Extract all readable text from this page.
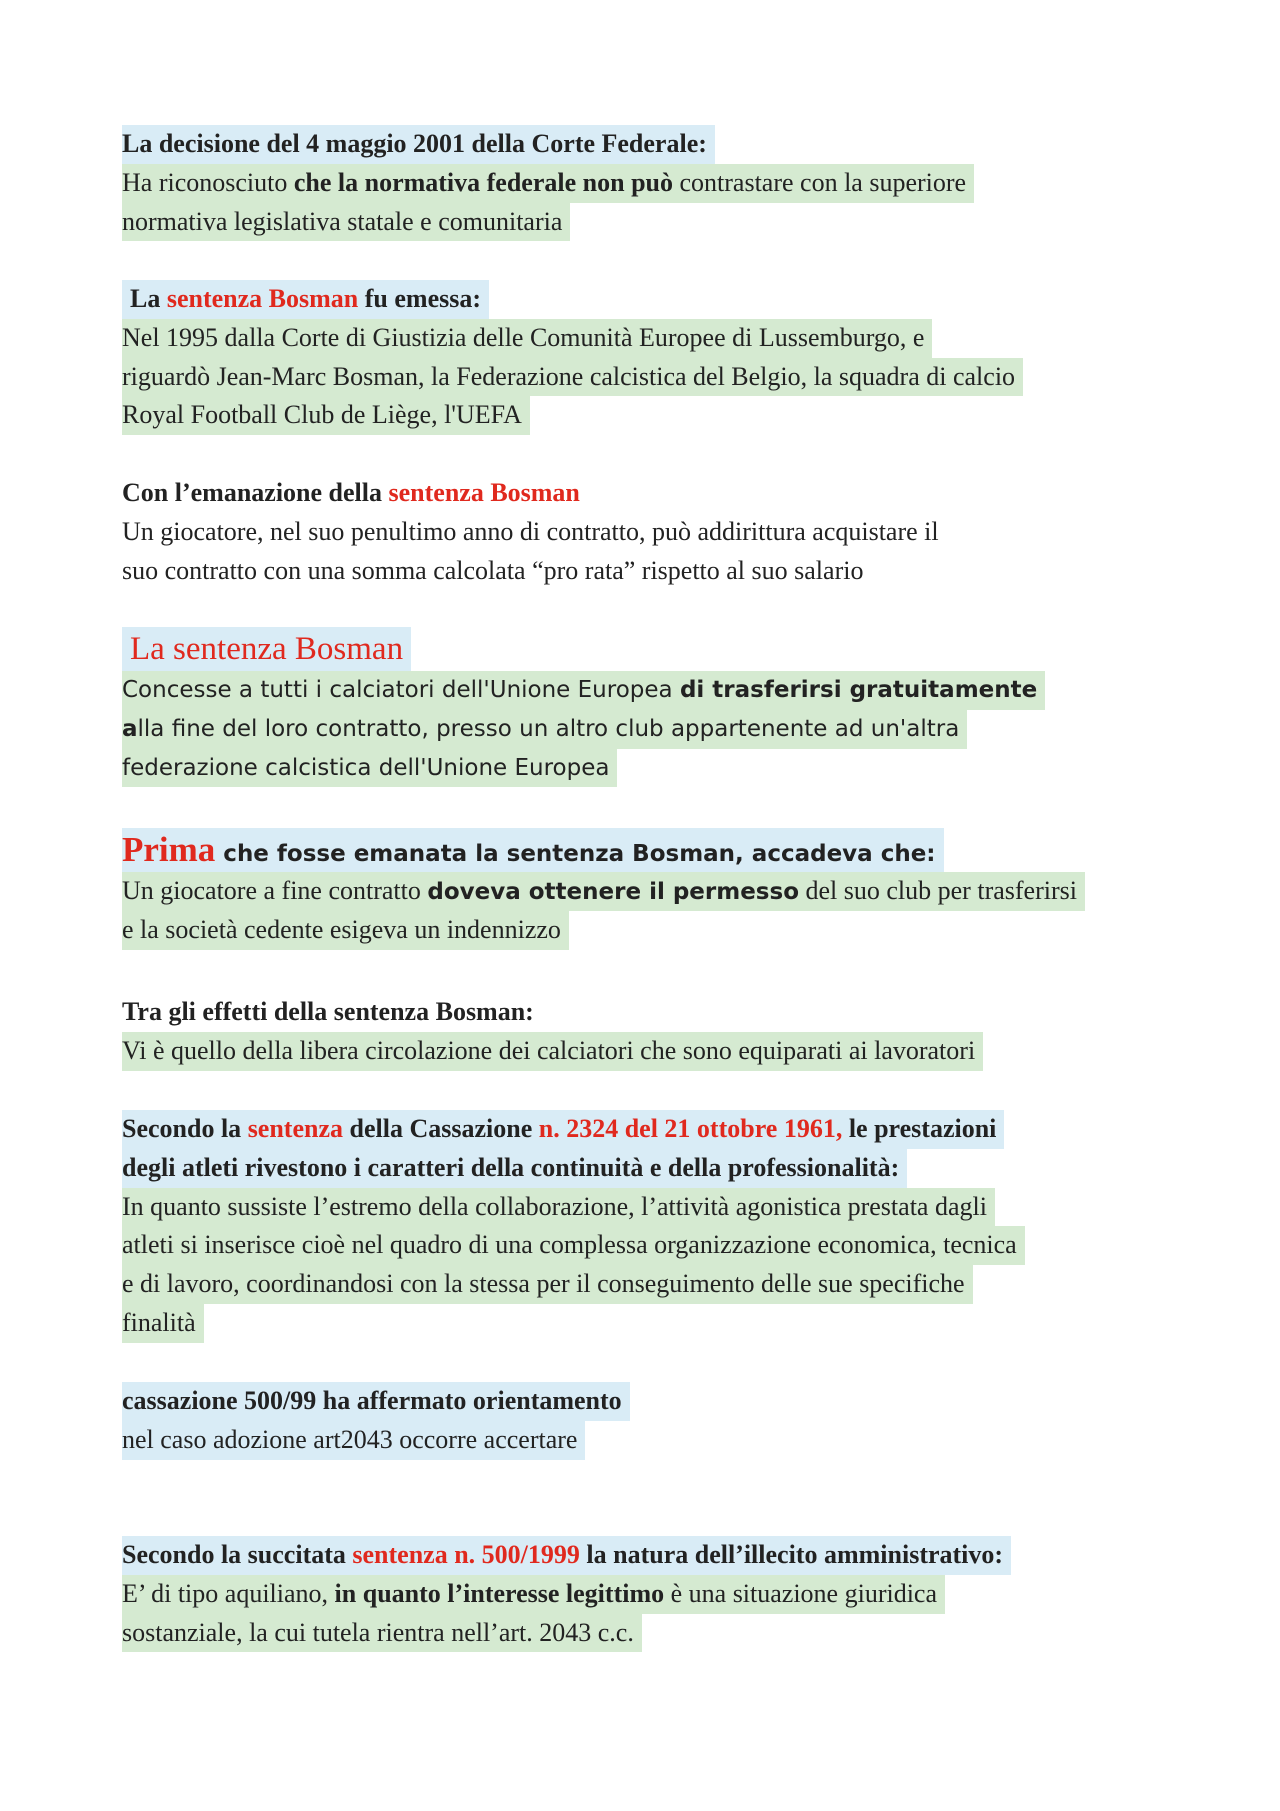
La decisione del 4 maggio 2001 della Corte Federale:
Ha riconosciuto che la normativa federale non può contrastare con la superiore
normativa legislativa statale e comunitaria
La sentenza Bosman fu emessa:
Nel 1995 dalla Corte di Giustizia delle Comunità Europee di Lussemburgo, e
riguardò Jean-Marc Bosman, la Federazione calcistica del Belgio, la squadra di calcio
Royal Football Club de Liège, l'UEFA
Con l’emanazione della sentenza Bosman
Un giocatore, nel suo penultimo anno di contratto, può addirittura acquistare il
suo contratto con una somma calcolata “pro rata” rispetto al suo salario
La sentenza Bosman
Concesse a tutti i calciatori dell'Unione Europea di trasferirsi gratuitamente
alla fine del loro contratto, presso un altro club appartenente ad un'altra
federazione calcistica dell'Unione Europea
Prima che fosse emanata la sentenza Bosman, accadeva che:
Un giocatore a fine contratto doveva ottenere il permesso del suo club per trasferirsi
e la società cedente esigeva un indennizzo
Tra gli effetti della sentenza Bosman:
Vi è quello della libera circolazione dei calciatori che sono equiparati ai lavoratori
Secondo la sentenza della Cassazione n. 2324 del 21 ottobre 1961, le prestazioni
degli atleti rivestono i caratteri della continuità e della professionalità:
In quanto sussiste l’estremo della collaborazione, l’attività agonistica prestata dagli
atleti si inserisce cioè nel quadro di una complessa organizzazione economica, tecnica
e di lavoro, coordinandosi con la stessa per il conseguimento delle sue specifiche
finalità
cassazione 500/99 ha affermato orientamento
nel caso adozione art2043 occorre accertare
Secondo la succitata sentenza n. 500/1999 la natura dell’illecito amministrativo:
E’ di tipo aquiliano, in quanto l’interesse legittimo è una situazione giuridica
sostanziale, la cui tutela rientra nell’art. 2043 c.c.
